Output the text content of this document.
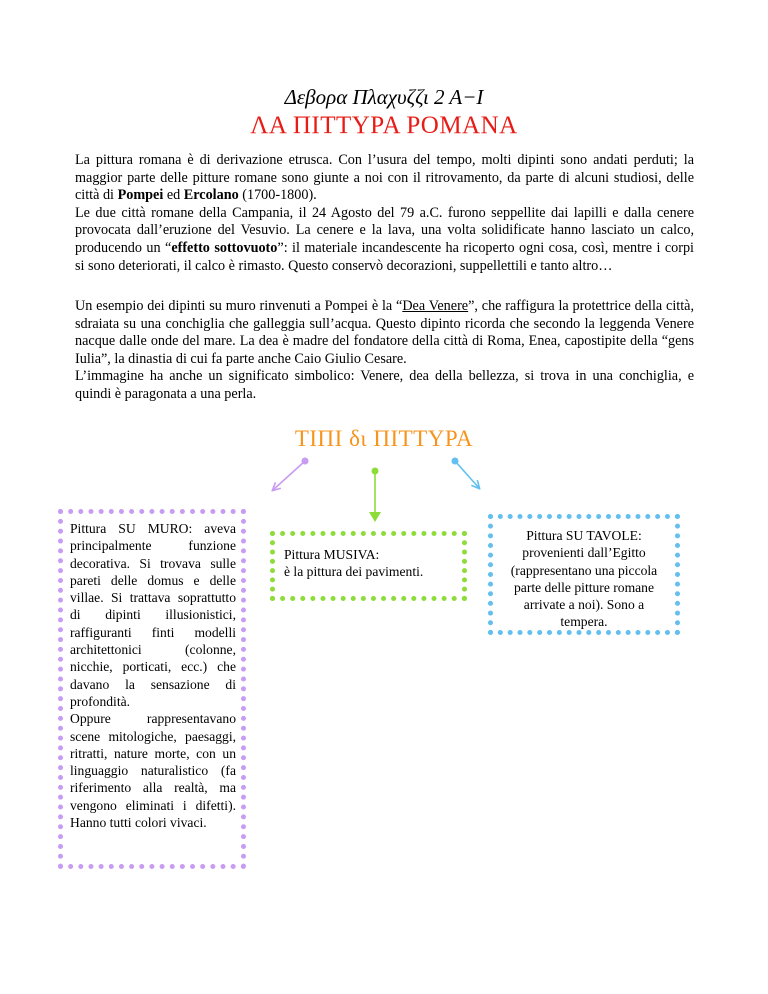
Δεβορα Πλαχυζζι 2 Α−Ι
ΛΑ ΠΙΤΤΥΡΑ ΡΟΜΑΝΑ

La pittura romana è di derivazione etrusca. Con l’usura del tempo, molti dipinti sono andati perduti; la maggior parte delle pitture romane sono giunte a noi con il ritrovamento, da parte di alcuni studiosi, delle città di Pompei ed Ercolano (1700-1800).

Le due città romane della Campania, il 24 Agosto del 79 a.C. furono seppellite dai lapilli e dalla cenere provocata dall’eruzione del Vesuvio. La cenere e la lava, una volta solidificate hanno lasciato un calco, producendo un “effetto sottovuoto”: il materiale incandescente ha ricoperto ogni cosa, così, mentre i corpi si sono deteriorati, il calco è rimasto. Questo conservò decorazioni, suppellettili e tanto altro…

Un esempio dei dipinti su muro rinvenuti a Pompei è la “Dea Venere”, che raffigura la protettrice della città, sdraiata su una conchiglia che galleggia sull’acqua. Questo dipinto ricorda che secondo la leggenda Venere nacque dalle onde del mare. La dea è madre del fondatore della città di Roma, Enea, capostipite della “gens Iulia”, la dinastia di cui fa parte anche Caio Giulio Cesare.

L’immagine ha anche un significato simbolico: Venere, dea della bellezza, si trova in una conchiglia, e quindi è paragonata a una perla.

ΤΙΠΙ δι ΠΙΤΤΥΡΑ

Pittura SU MURO: aveva principalmente funzione decorativa. Si trovava sulle pareti delle domus e delle villae. Si trattava soprattutto di dipinti illusionistici, raffiguranti finti modelli architettonici (colonne, nicchie, porticati, ecc.) che davano la sensazione di profondità.

Oppure rappresentavano scene mitologiche, paesaggi, ritratti, nature morte, con un linguaggio naturalistico (fa riferimento alla realtà, ma vengono eliminati i difetti). Hanno tutti colori vivaci.

Pittura MUSIVA:

è la pittura dei pavimenti.

Pittura SU TAVOLE: provenienti dall’Egitto (rappresentano una piccola parte delle pitture romane arrivate a noi). Sono a tempera.
